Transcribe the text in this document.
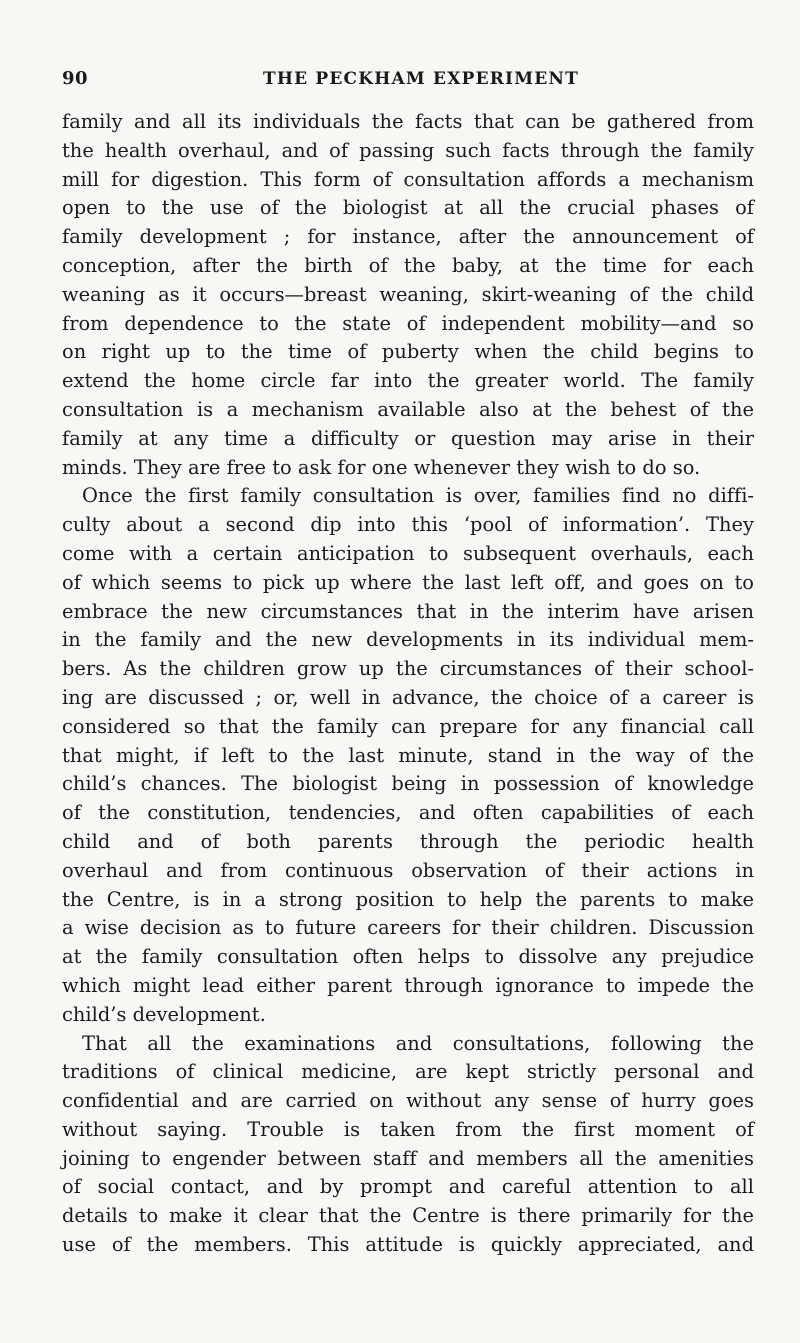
90	THE PECKHAM EXPERIMENT
family and all its individuals the facts that can be gathered from
the health overhaul, and of passing such facts through the family
mill for digestion. This form of consultation affords a mechanism
open to the use of the biologist at all the crucial phases of
family development ; for instance, after the announcement of
conception, after the birth of the baby, at the time for each
weaning as it occurs—breast weaning, skirt-weaning of the child
from dependence to the state of independent mobility—and so
on right up to the time of puberty when the child begins to
extend the home circle far into the greater world. The family
consultation is a mechanism available also at the behest of the
family at any time a difficulty or question may arise in their
minds. They are free to ask for one whenever they wish to do so.
Once the first family consultation is over, families find no diffi-
culty about a second dip into this ‘pool of information’. They
come with a certain anticipation to subsequent overhauls, each
of which seems to pick up where the last left off, and goes on to
embrace the new circumstances that in the interim have arisen
in the family and the new developments in its individual mem-
bers. As the children grow up the circumstances of their school-
ing are discussed ; or, well in advance, the choice of a career is
considered so that the family can prepare for any financial call
that might, if left to the last minute, stand in the way of the
child’s chances. The biologist being in possession of knowledge
of the constitution, tendencies, and often capabilities of each
child and of both parents through the periodic health
overhaul and from continuous observation of their actions in
the Centre, is in a strong position to help the parents to make
a wise decision as to future careers for their children. Discussion
at the family consultation often helps to dissolve any prejudice
which might lead either parent through ignorance to impede the
child’s development.
That all the examinations and consultations, following the
traditions of clinical medicine, are kept strictly personal and
confidential and are carried on without any sense of hurry goes
without saying. Trouble is taken from the first moment of
joining to engender between staff and members all the amenities
of social contact, and by prompt and careful attention to all
details to make it clear that the Centre is there primarily for the
use of the members. This attitude is quickly appreciated, and
